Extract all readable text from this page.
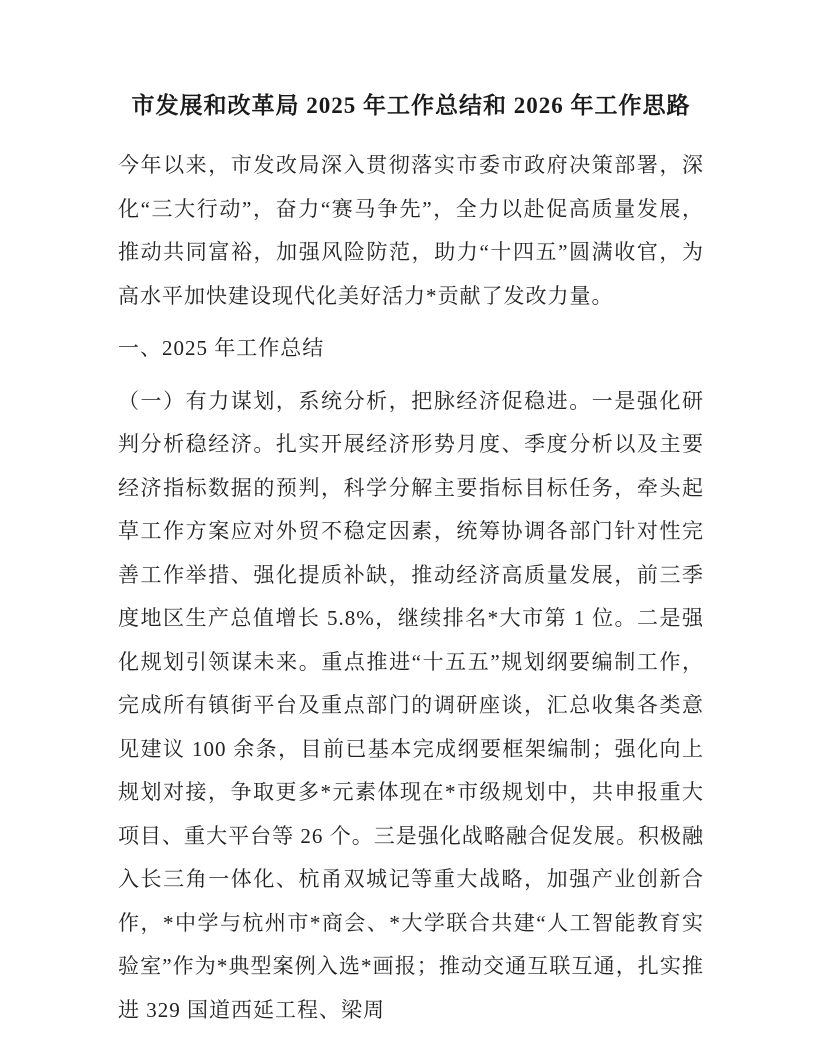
市发展和改革局 2025 年工作总结和 2026 年工作思路

今年以来，市发改局深入贯彻落实市委市政府决策部署，深化“三大行动”，奋力“赛马争先”，全力以赴促高质量发展，推动共同富裕，加强风险防范，助力“十四五”圆满收官，为高水平加快建设现代化美好活力*贡献了发改力量。

一、2025 年工作总结

（一）有力谋划，系统分析，把脉经济促稳进。一是强化研判分析稳经济。扎实开展经济形势月度、季度分析以及主要经济指标数据的预判，科学分解主要指标目标任务，牵头起草工作方案应对外贸不稳定因素，统筹协调各部门针对性完善工作举措、强化提质补缺，推动经济高质量发展，前三季度地区生产总值增长 5.8%，继续排名*大市第 1 位。二是强化规划引领谋未来。重点推进“十五五”规划纲要编制工作，完成所有镇街平台及重点部门的调研座谈，汇总收集各类意见建议 100 余条，目前已基本完成纲要框架编制；强化向上规划对接，争取更多*元素体现在*市级规划中，共申报重大项目、重大平台等 26 个。三是强化战略融合促发展。积极融入长三角一体化、杭甬双城记等重大战略，加强产业创新合作，*中学与杭州市*商会、*大学联合共建“人工智能教育实验室”作为*典型案例入选*画报；推动交通互联互通，扎实推进 329 国道西延工程、梁周
